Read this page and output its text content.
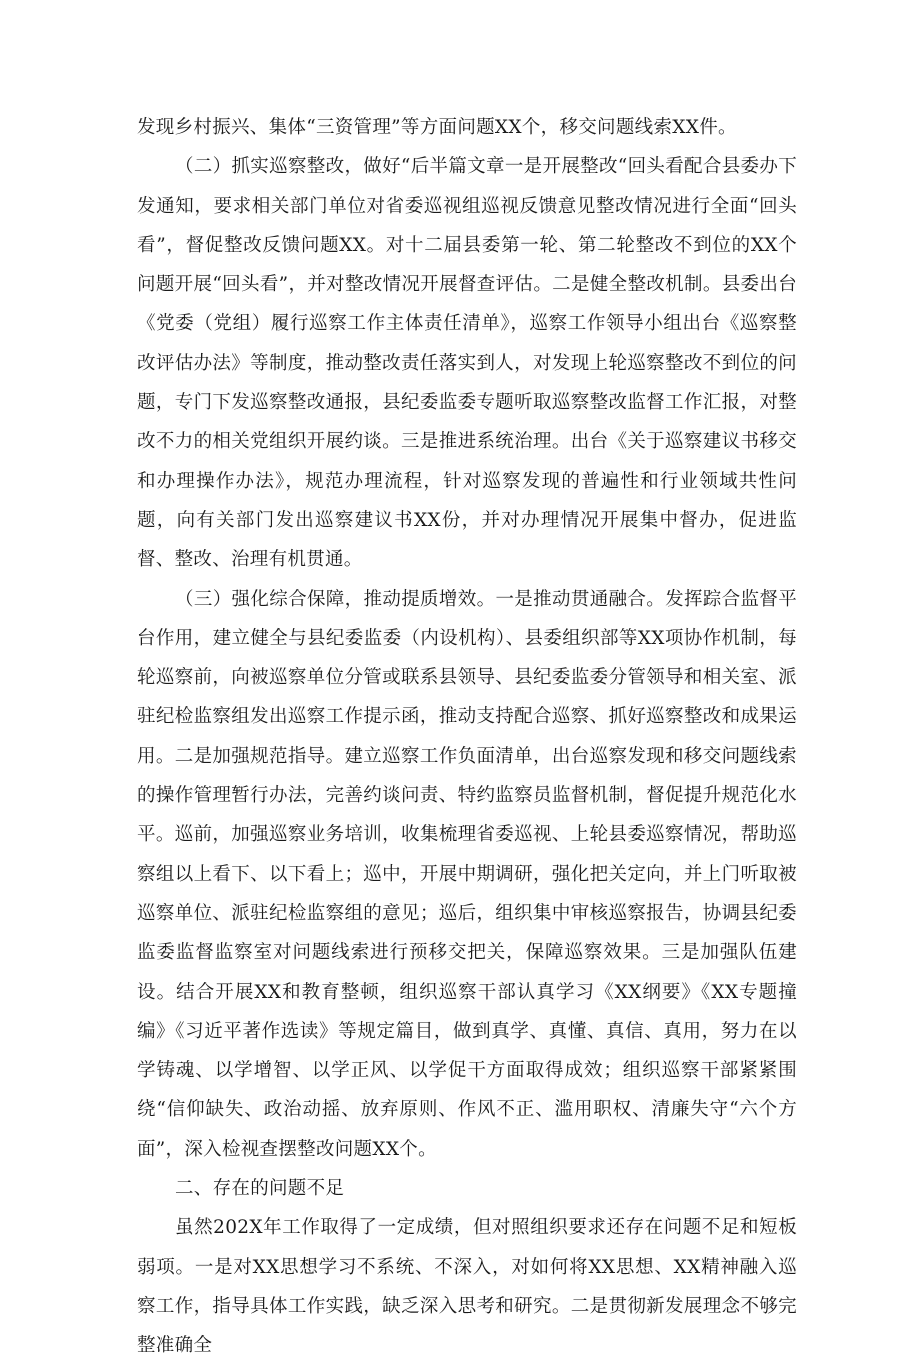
发现乡村振兴、集体“三资管理”等方面问题XX个，移交问题线索XX件。

（二）抓实巡察整改，做好“后半篇文章一是开展整改“回头看配合县委办下发通知，要求相关部门单位对省委巡视组巡视反馈意见整改情况进行全面“回头看”，督促整改反馈问题XX。对十二届县委第一轮、第二轮整改不到位的XX个问题开展“回头看”，并对整改情况开展督查评估。二是健全整改机制。县委出台《党委（党组）履行巡察工作主体责任清单》，巡察工作领导小组出台《巡察整改评估办法》等制度，推动整改责任落实到人，对发现上轮巡察整改不到位的问题，专门下发巡察整改通报，县纪委监委专题听取巡察整改监督工作汇报，对整改不力的相关党组织开展约谈。三是推进系统治理。出台《关于巡察建议书移交和办理操作办法》，规范办理流程，针对巡察发现的普遍性和行业领域共性问题，向有关部门发出巡察建议书XX份，并对办理情况开展集中督办，促进监督、整改、治理有机贯通。

（三）强化综合保障，推动提质增效。一是推动贯通融合。发挥踪合监督平台作用，建立健全与县纪委监委（内设机构）、县委组织部等XX项协作机制，每轮巡察前，向被巡察单位分管或联系县领导、县纪委监委分管领导和相关室、派驻纪检监察组发出巡察工作提示函，推动支持配合巡察、抓好巡察整改和成果运用。二是加强规范指导。建立巡察工作负面清单，出台巡察发现和移交问题线索的操作管理暂行办法，完善约谈问责、特约监察员监督机制，督促提升规范化水平。巡前，加强巡察业务培训，收集梳理省委巡视、上轮县委巡察情况，帮助巡察组以上看下、以下看上；巡中，开展中期调研，强化把关定向，并上门听取被巡察单位、派驻纪检监察组的意见；巡后，组织集中审核巡察报告，协调县纪委监委监督监察室对问题线索进行预移交把关，保障巡察效果。三是加强队伍建设。结合开展XX和教育整顿，组织巡察干部认真学习《XX纲要》《XX专题撞编》《习近平著作选读》等规定篇目，做到真学、真懂、真信、真用，努力在以学铸魂、以学增智、以学正风、以学促干方面取得成效；组织巡察干部紧紧围绕“信仰缺失、政治动摇、放弃原则、作风不正、滥用职权、清廉失守“六个方面”，深入检视查摆整改问题XX个。

二、存在的问题不足

虽然202X年工作取得了一定成绩，但对照组织要求还存在问题不足和短板弱项。一是对XX思想学习不系统、不深入，对如何将XX思想、XX精神融入巡察工作，指导具体工作实践，缺乏深入思考和研究。二是贯彻新发展理念不够完整准确全
